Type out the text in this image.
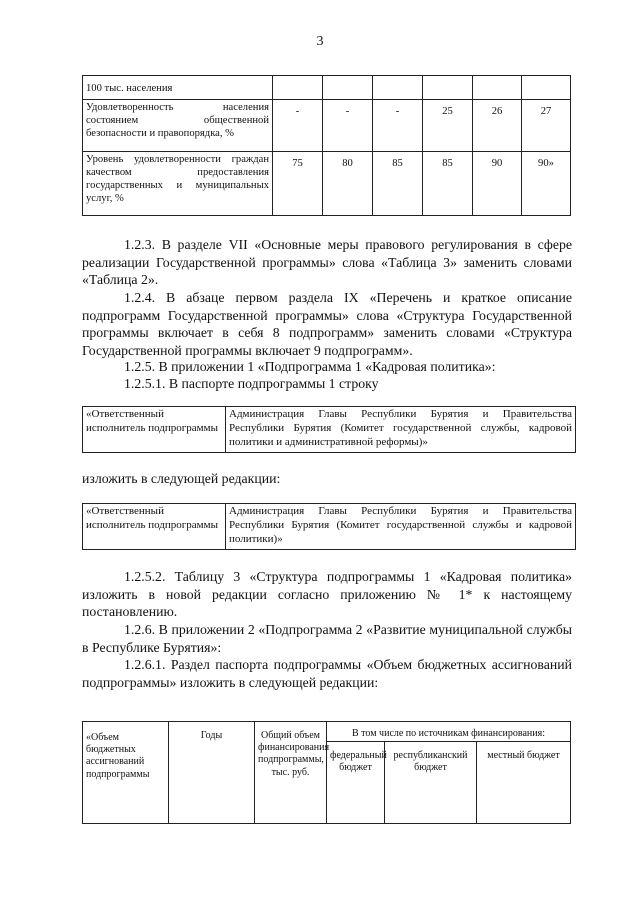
3
100 тыс. населения						
Удовлетворенность населения состоянием общественной безопасности и правопорядка, %	-	-	-	25	26	27
Уровень удовлетворенности граждан качеством предоставления государственных и муниципальных услуг, %	75	80	85	85	90	90»
1.2.3. В разделе VII «Основные меры правового регулирования в сфере реализации Государственной программы» слова «Таблица 3» заменить словами «Таблица 2».
1.2.4. В абзаце первом раздела IX «Перечень и краткое описание подпрограмм Государственной программы» слова «Структура Государственной программы включает в себя 8 подпрограмм» заменить словами «Структура Государственной программы включает 9 подпрограмм».
1.2.5. В приложении 1 «Подпрограмма 1 «Кадровая политика»:
1.2.5.1. В паспорте подпрограммы 1 строку
«Ответственный исполнитель подпрограммы	Администрация Главы Республики Бурятия и Правительства Республики Бурятия (Комитет государственной службы, кадровой политики и административной реформы)»
изложить в следующей редакции:
«Ответственный исполнитель подпрограммы	Администрация Главы Республики Бурятия и Правительства Республики Бурятия (Комитет государственной службы и кадровой политики)»
1.2.5.2. Таблицу 3 «Структура подпрограммы 1 «Кадровая политика» изложить в новой редакции согласно приложению № 1* к настоящему постановлению.
1.2.6. В приложении 2 «Подпрограмма 2 «Развитие муниципальной службы в Республике Бурятия»:
1.2.6.1. Раздел паспорта подпрограммы «Объем бюджетных ассигнований подпрограммы» изложить в следующей редакции:
«Объем бюджетных ассигнований подпрограммы	Годы	Общий объем финансирования подпрограммы, тыс. руб.	В том числе по источникам финансирования:		
			федеральный бюджет	республиканский бюджет	местный бюджет
